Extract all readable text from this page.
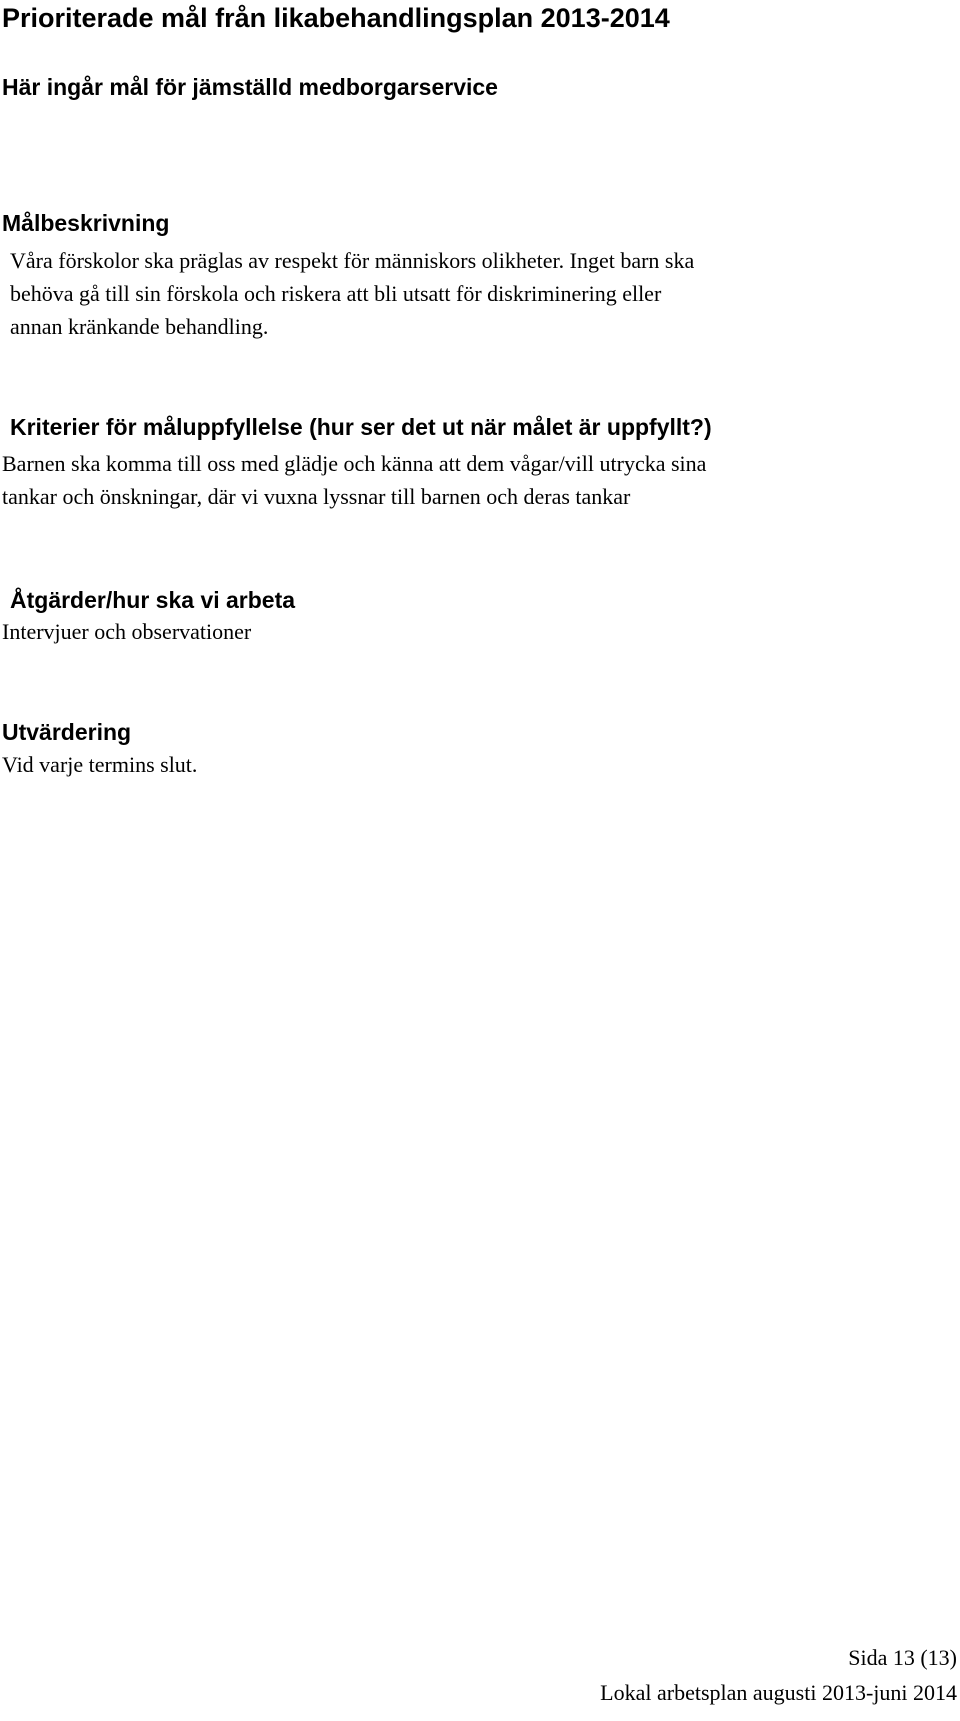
Prioriterade mål från likabehandlingsplan 2013-2014
Här ingår mål för jämställd medborgarservice
Målbeskrivning
Våra förskolor ska präglas av respekt för människors olikheter. Inget barn ska
behöva gå till sin förskola och riskera att bli utsatt för diskriminering eller
annan kränkande behandling.
Kriterier för måluppfyllelse (hur ser det ut när målet är uppfyllt?)
Barnen ska komma till oss med glädje och känna att dem vågar/vill utrycka sina
tankar och önskningar, där vi vuxna lyssnar till barnen och deras tankar
Åtgärder/hur ska vi arbeta

Intervjuer och observationer

Utvärdering

Vid varje termins slut.

Sida 13 (13)
Lokal arbetsplan augusti 2013-juni 2014
